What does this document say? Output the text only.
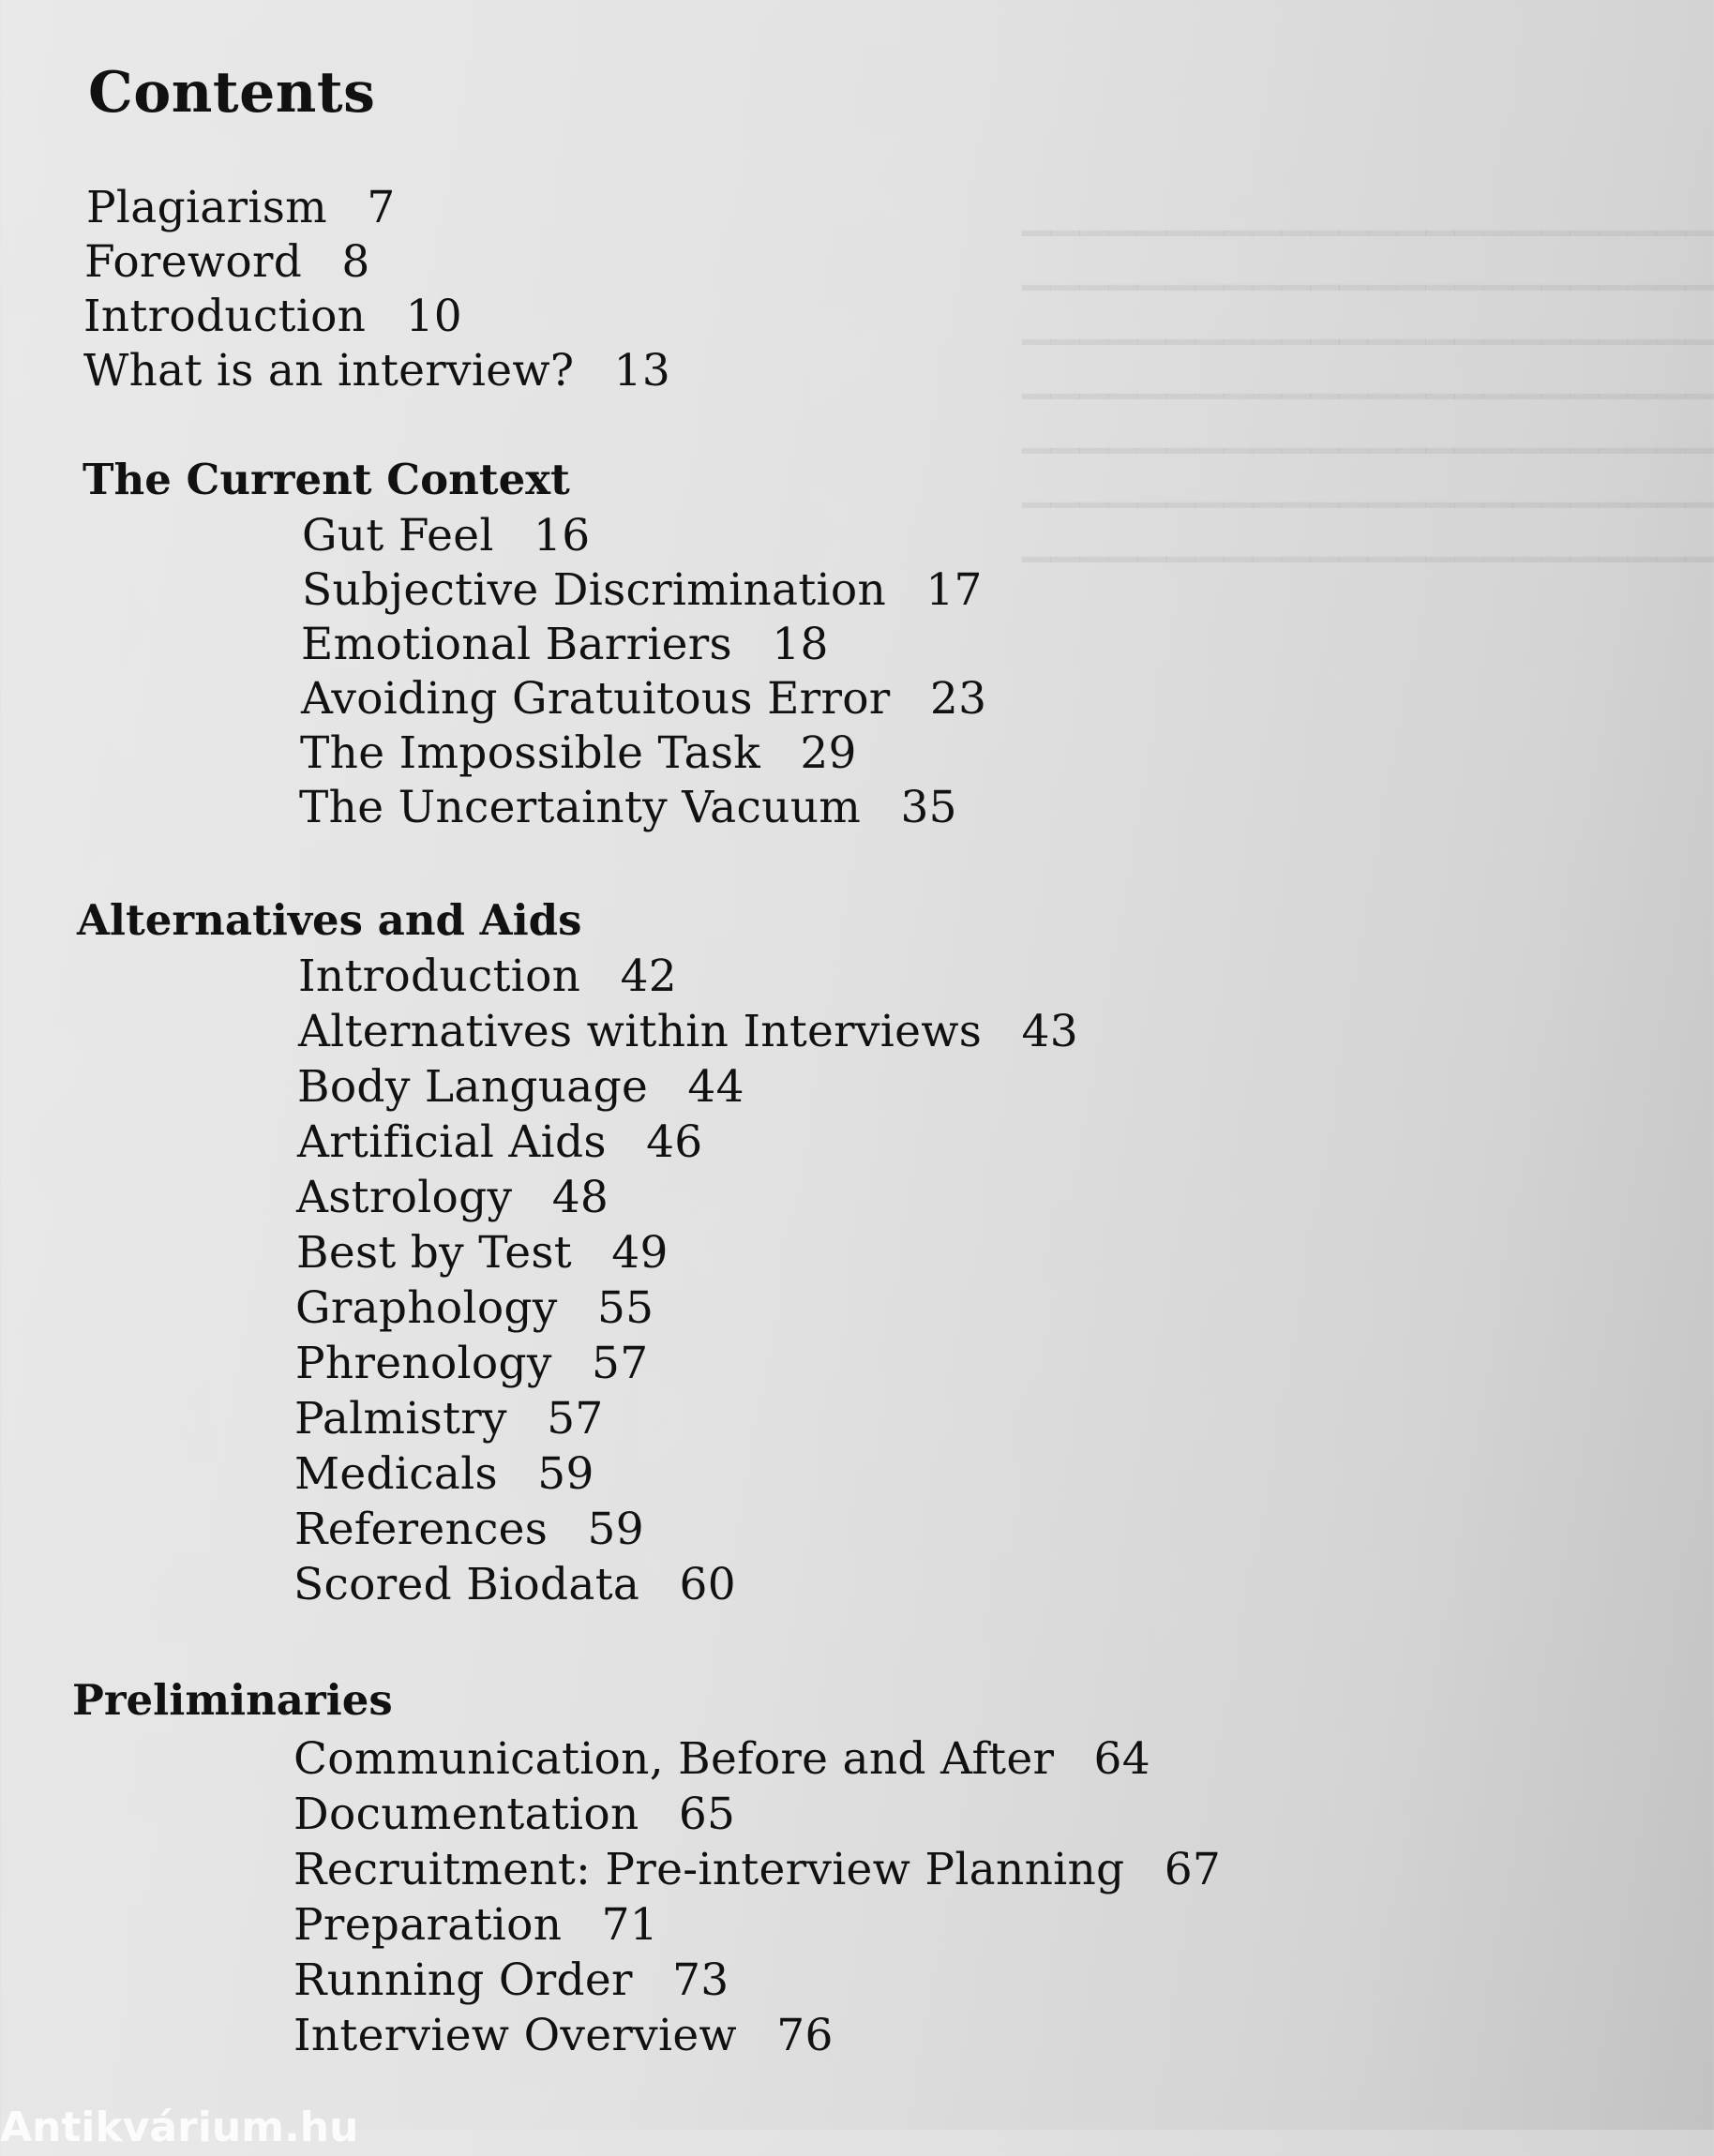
▁▁▁▁▁▁▁▁▁▁▁▁▁▁▁▁▁▁▁▁▁▁▁▁
▁▁▁▁▁▁▁▁▁▁▁▁▁▁▁▁▁▁▁▁▁▁▁▁
▁▁▁▁▁▁▁▁▁▁▁▁▁▁▁▁▁▁▁▁▁▁▁▁
▁▁▁▁▁▁▁▁▁▁▁▁▁▁▁▁▁▁▁▁▁▁▁▁
▁▁▁▁▁▁▁▁▁▁▁▁▁▁▁▁▁▁▁▁▁▁▁▁
▁▁▁▁▁▁▁▁▁▁▁▁▁▁▁▁▁▁▁▁▁▁▁▁
▁▁▁▁▁▁▁▁▁▁▁▁▁▁▁▁▁▁▁▁▁▁▁▁
Contents
Plagiarism 7
Foreword 8
Introduction 10
What is an interview? 13
The Current Context
Gut Feel 16
Subjective Discrimination 17
Emotional Barriers 18
Avoiding Gratuitous Error 23
The Impossible Task 29
The Uncertainty Vacuum 35
Alternatives and Aids
Introduction 42
Alternatives within Interviews 43
Body Language 44
Artificial Aids 46
Astrology 48
Best by Test 49
Graphology 55
Phrenology 57
Palmistry 57
Medicals 59
References 59
Scored Biodata 60
Preliminaries
Communication, Before and After 64
Documentation 65
Recruitment: Pre-interview Planning 67
Preparation 71
Running Order 73
Interview Overview 76
Antikvárium.hu
